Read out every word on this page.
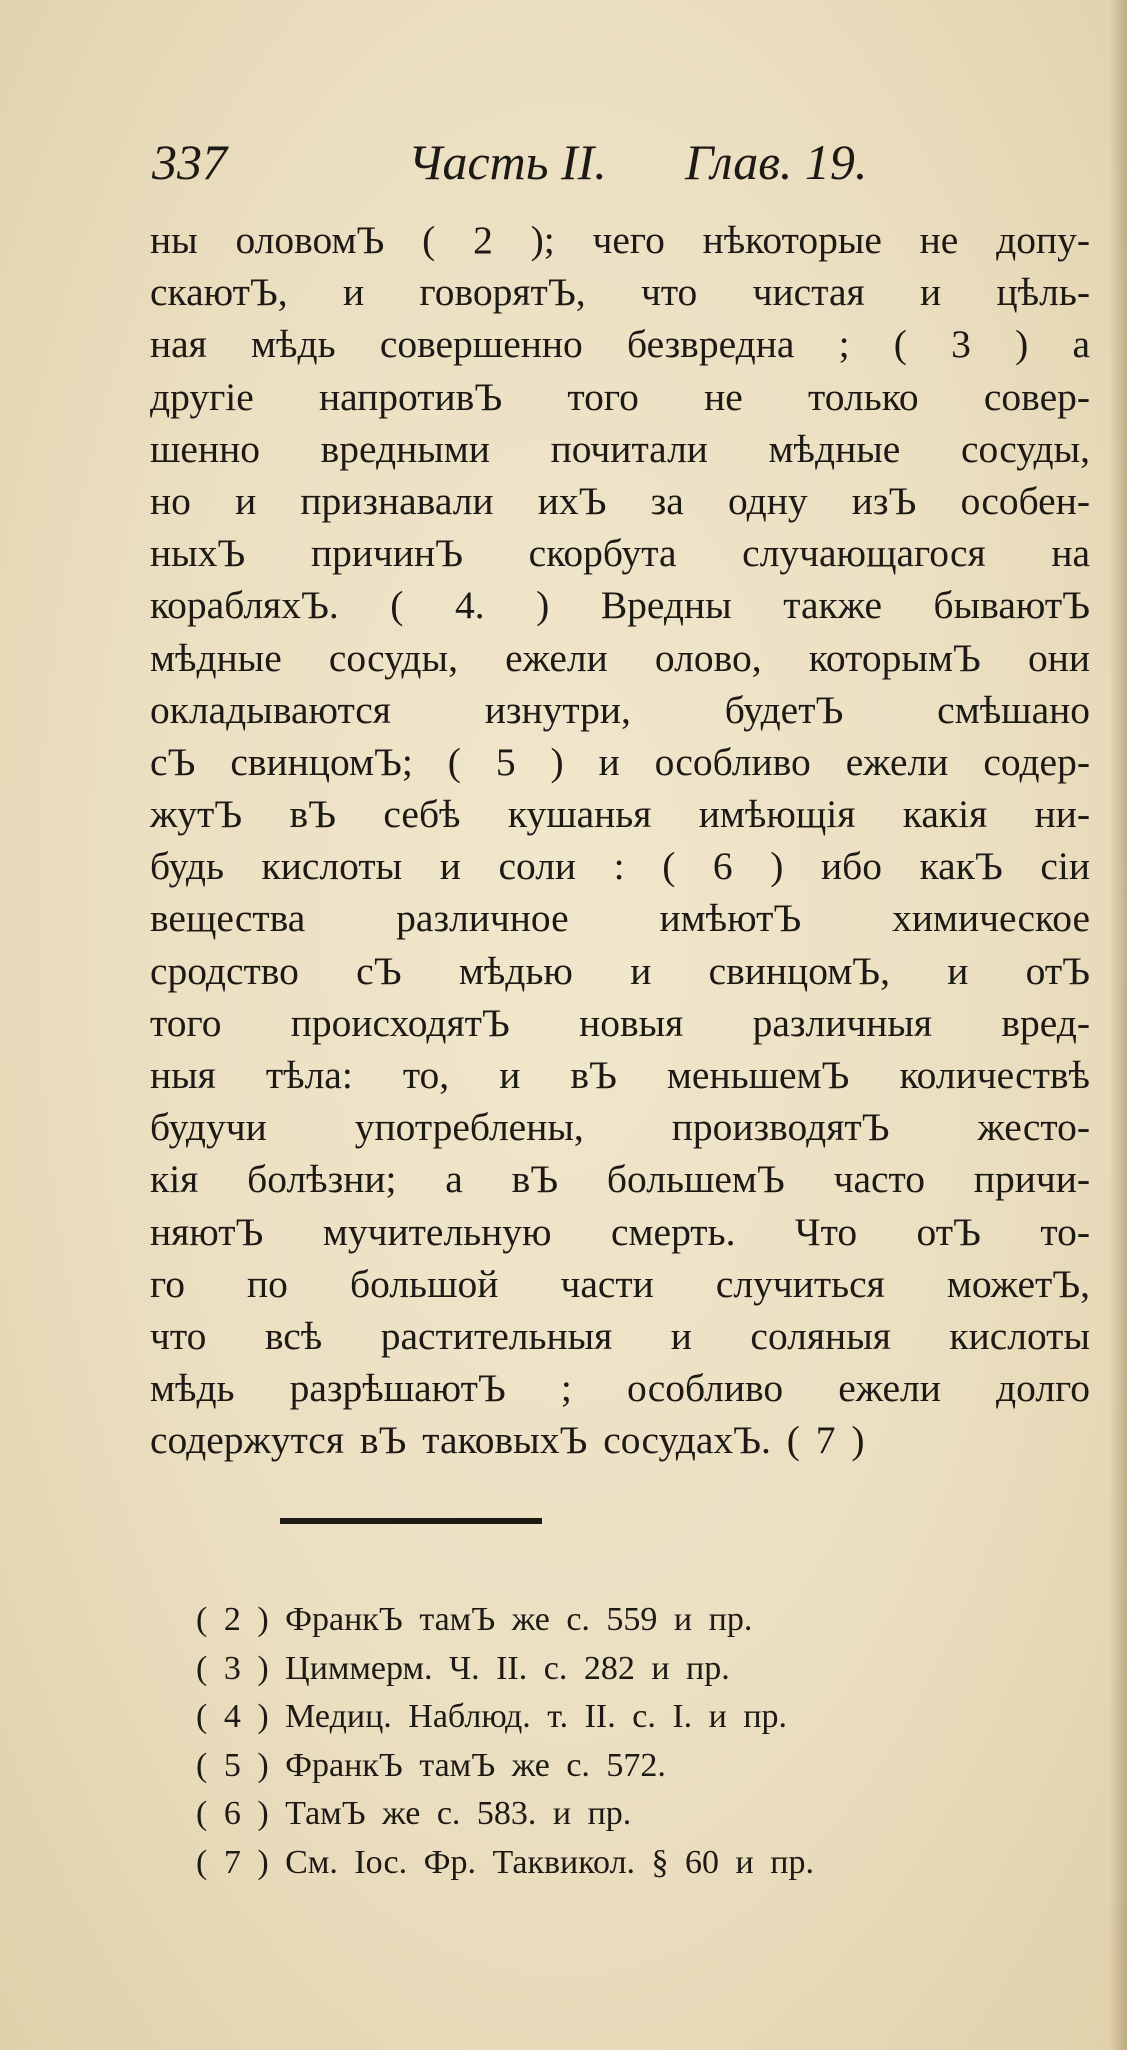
337	Часть II. Глав. 19.
ны оловомЪ ( 2 ); чего нѣкоторые не допу-
скаютЪ, и говорятЪ, что чистая и цѣль-
ная мѣдь совершенно безвредна ; ( 3 ) а
другіе напротивЪ того не только совер-
шенно вредными почитали мѣдные сосуды,
но и признавали ихЪ за одну изЪ особен-
ныхЪ причинЪ скорбута случающагося на
корабляхЪ. ( 4. ) Вредны также бываютЪ
мѣдные сосуды, ежели олово, которымЪ они
окладываются изнутри, будетЪ смѣшано
сЪ свинцомЪ; ( 5 ) и особливо ежели содер-
жутЪ вЪ себѣ кушанья имѣющія какія ни-
будь кислоты и соли : ( 6 ) ибо какЪ сіи
вещества различное имѣютЪ химическое
сродство сЪ мѣдью и свинцомЪ, и отЪ
того происходятЪ новыя различныя вред-
ныя тѣла: то, и вЪ меньшемЪ количествѣ
будучи употреблены, производятЪ жесто-
кія болѣзни; а вЪ большемЪ часто причи-
няютЪ мучительную смерть. Что отЪ то-
го по большой части случиться можетЪ,
что всѣ растительныя и соляныя кислоты
мѣдь разрѣшаютЪ ; особливо ежели долго
содержутся вЪ таковыхЪ сосудахЪ. ( 7 )
( 2 ) ФранкЪ тамЪ же с. 559 и пр.
( 3 ) Циммерм. Ч. II. с. 282 и пр.
( 4 ) Медиц. Наблюд. т. II. с. I. и пр.
( 5 ) ФранкЪ тамЪ же с. 572.
( 6 ) ТамЪ же с. 583. и пр.
( 7 ) См. Іос. Фр. Таквикол. § 60 и пр.
